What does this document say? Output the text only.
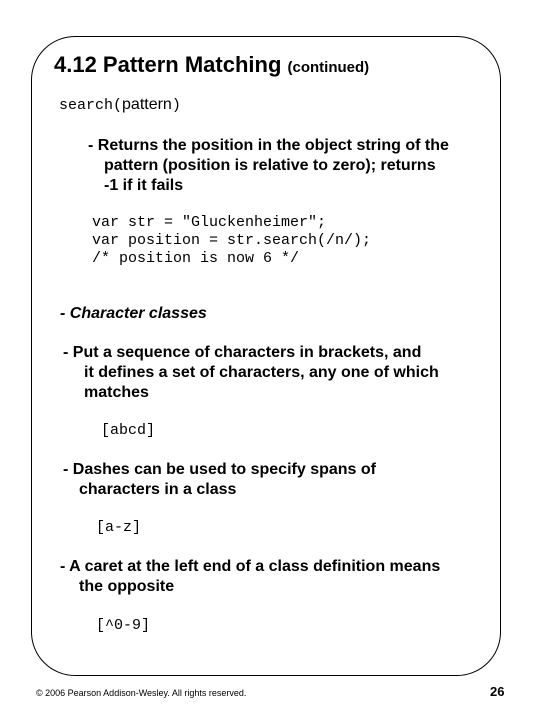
4.12 Pattern Matching (continued)
search(pattern)
- Returns the position in the object string of the
pattern (position is relative to zero); returns
-1 if it fails
var str = "Gluckenheimer";
var position = str.search(/n/);
/* position is now 6 */
- Character classes
- Put a sequence of characters in brackets, and
it defines a set of characters, any one of which
matches
[abcd]
- Dashes can be used to specify spans of
characters in a class
[a-z]
- A caret at the left end of a class definition means
the opposite
[^0-9]
© 2006 Pearson Addison-Wesley. All rights reserved.	26
